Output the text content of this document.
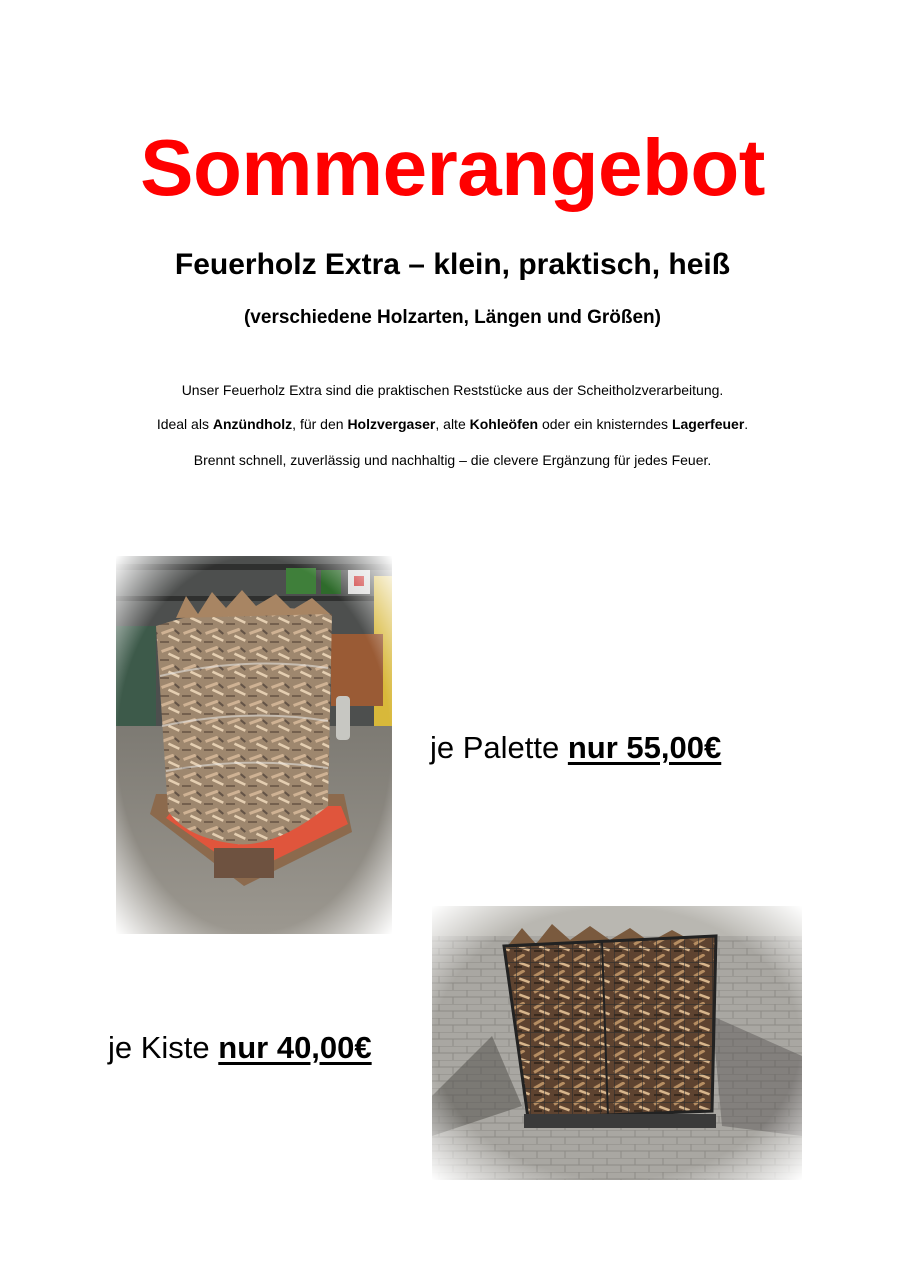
Sommerangebot
Feuerholz Extra – klein, praktisch, heiß

(verschiedene Holzarten, Längen und Größen)

Unser Feuerholz Extra sind die praktischen Reststücke aus der Scheitholzverarbeitung.

Ideal als Anzündholz, für den Holzvergaser, alte Kohleöfen oder ein knisterndes Lagerfeuer.

Brennt schnell, zuverlässig und nachhaltig – die clevere Ergänzung für jedes Feuer.

je Palette nur 55,00€
je Kiste nur 40,00€
